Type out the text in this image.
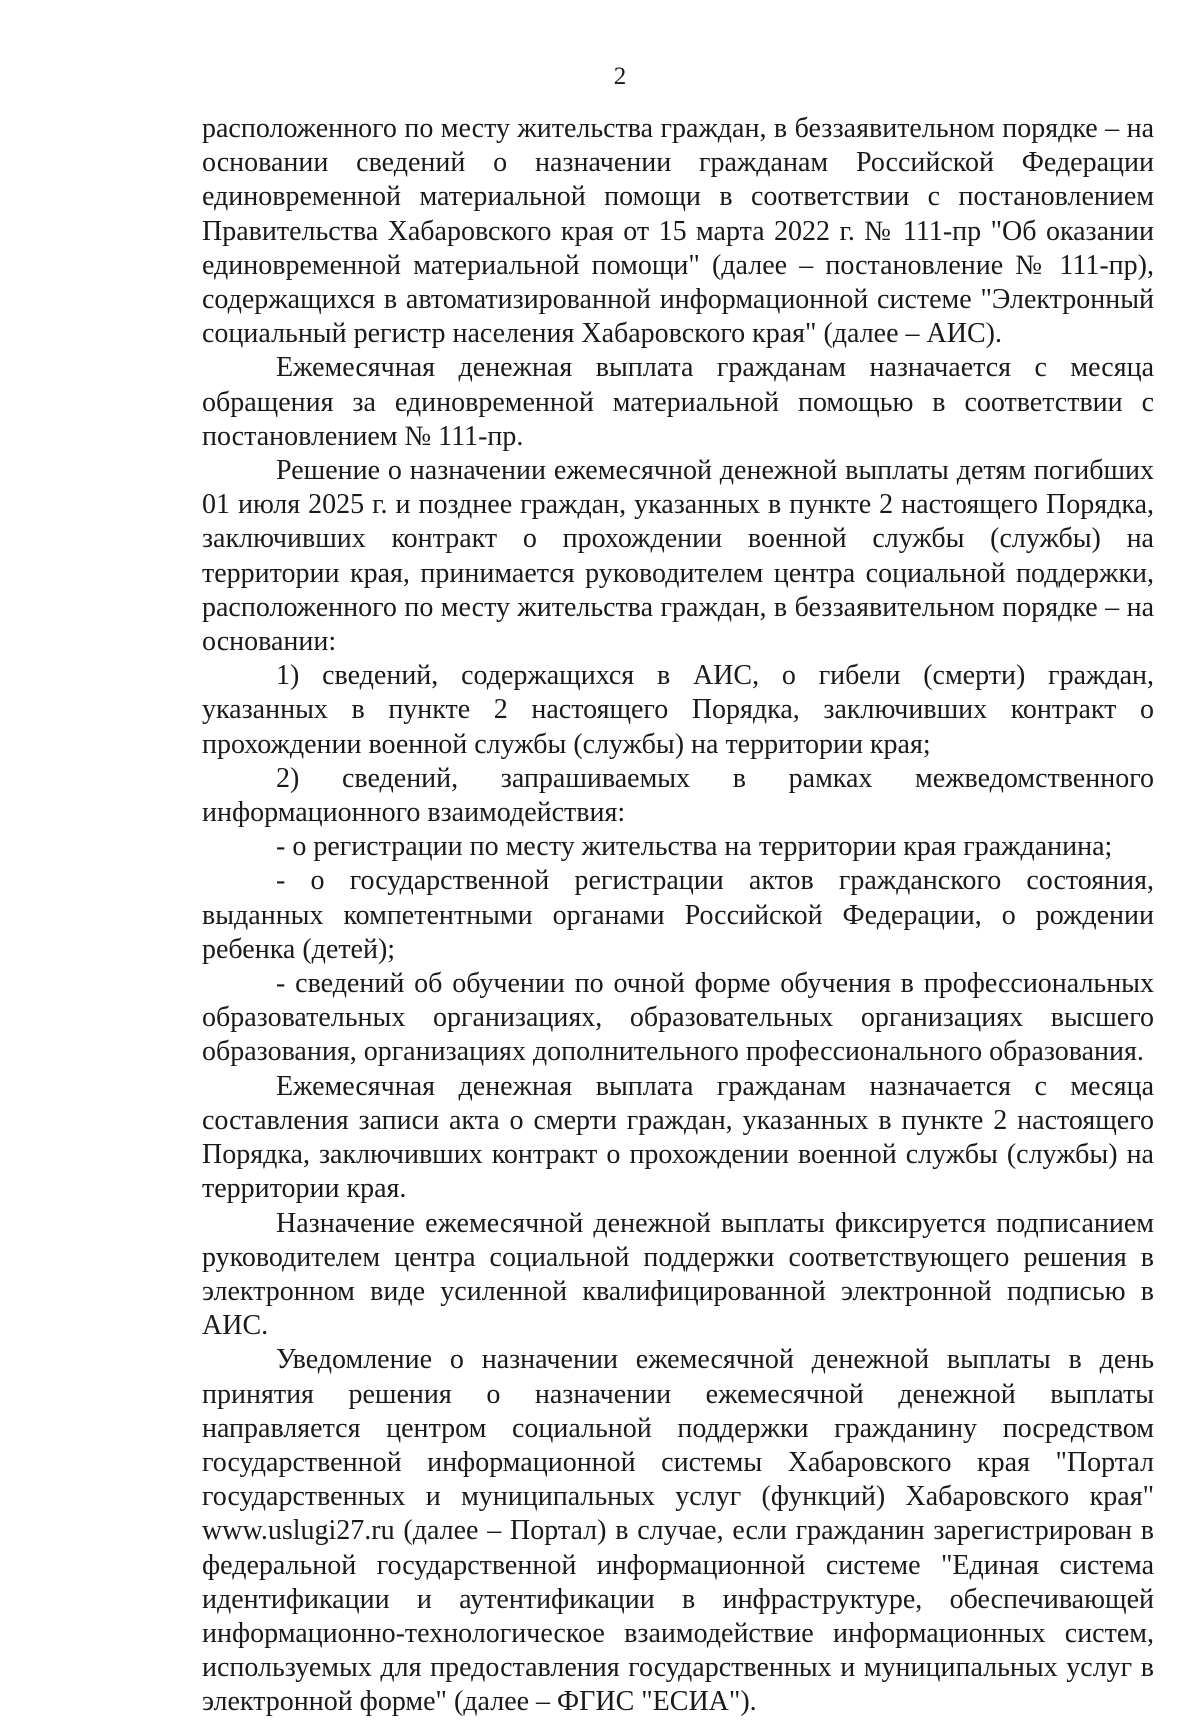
2

расположенного по месту жительства граждан, в беззаявительном порядке – на основании сведений о назначении гражданам Российской Федерации единовременной материальной помощи в соответствии с постановлением Правительства Хабаровского края от 15 марта 2022 г. № 111-пр "Об оказании единовременной материальной помощи" (далее – постановление № 111-пр), содержащихся в автоматизированной информационной системе "Электронный социальный регистр населения Хабаровского края" (далее – АИС).

Ежемесячная денежная выплата гражданам назначается с месяца обращения за единовременной материальной помощью в соответствии с постановлением № 111-пр.

Решение о назначении ежемесячной денежной выплаты детям погибших 01 июля 2025 г. и позднее граждан, указанных в пункте 2 настоящего Порядка, заключивших контракт о прохождении военной службы (службы) на территории края, принимается руководителем центра социальной поддержки, расположенного по месту жительства граждан, в беззаявительном порядке – на основании:

1) сведений, содержащихся в АИС, о гибели (смерти) граждан, указанных в пункте 2 настоящего Порядка, заключивших контракт о прохождении военной службы (службы) на территории края;

2) сведений, запрашиваемых в рамках межведомственного информационного взаимодействия:

- о регистрации по месту жительства на территории края гражданина;

- о государственной регистрации актов гражданского состояния, выданных компетентными органами Российской Федерации, о рождении ребенка (детей);

- сведений об обучении по очной форме обучения в профессиональных образовательных организациях, образовательных организациях высшего образования, организациях дополнительного профессионального образования.

Ежемесячная денежная выплата гражданам назначается с месяца составления записи акта о смерти граждан, указанных в пункте 2 настоящего Порядка, заключивших контракт о прохождении военной службы (службы) на территории края.

Назначение ежемесячной денежной выплаты фиксируется подписанием руководителем центра социальной поддержки соответствующего решения в электронном виде усиленной квалифицированной электронной подписью в АИС.

Уведомление о назначении ежемесячной денежной выплаты в день принятия решения о назначении ежемесячной денежной выплаты направляется центром социальной поддержки гражданину посредством государственной информационной системы Хабаровского края "Портал государственных и муниципальных услуг (функций) Хабаровского края" www.uslugi27.ru (далее – Портал) в случае, если гражданин зарегистрирован в федеральной государственной информационной системе "Единая система идентификации и аутентификации в инфраструктуре, обеспечивающей информационно-технологическое взаимодействие информационных систем, используемых для предоставления государственных и муниципальных услуг в электронной форме" (далее – ФГИС "ЕСИА").
